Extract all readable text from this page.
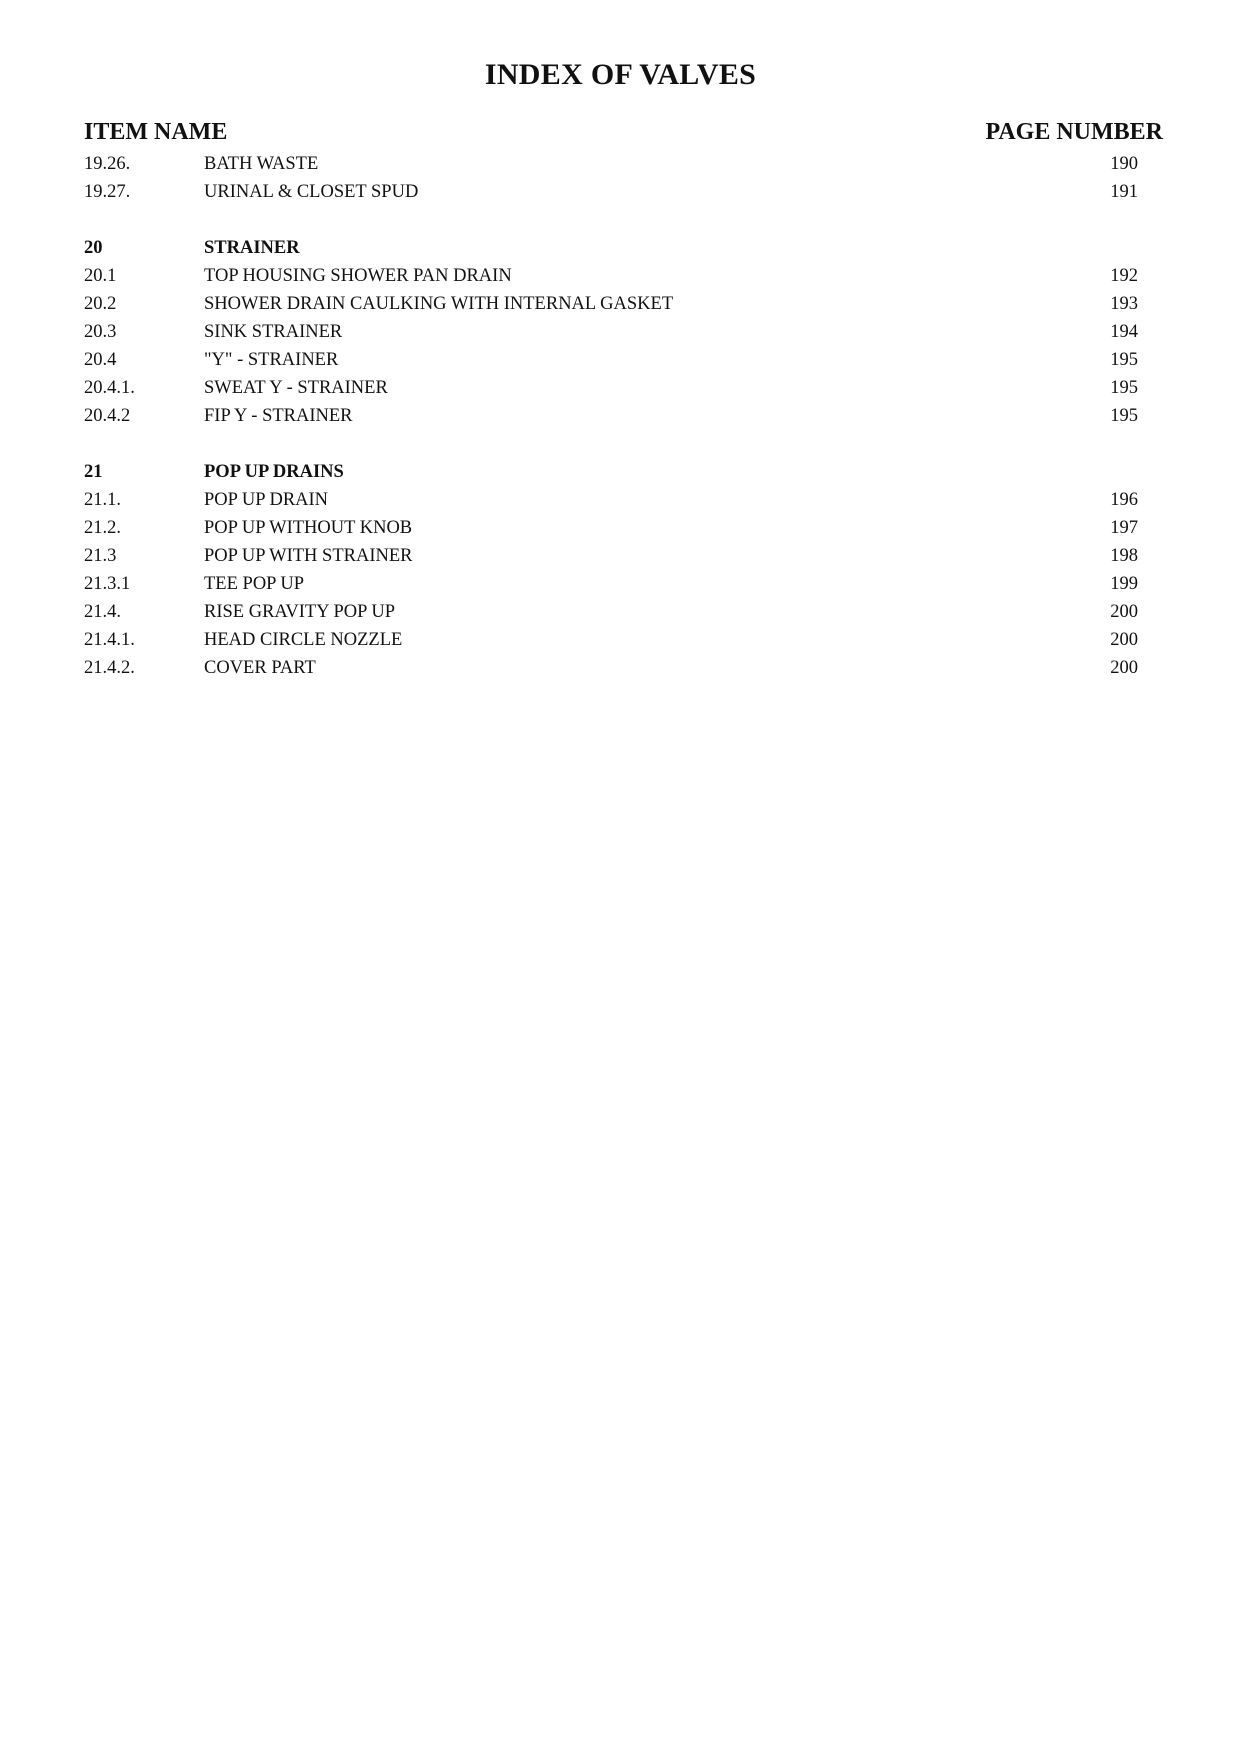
INDEX OF VALVES
ITEM NAME	PAGE NUMBER
19.26.	BATH WASTE	190
19.27.	URINAL & CLOSET SPUD	191
20	STRAINER
20.1	TOP HOUSING SHOWER PAN DRAIN	192
20.2	SHOWER DRAIN CAULKING WITH INTERNAL GASKET	193
20.3	SINK STRAINER	194
20.4	"Y" - STRAINER	195
20.4.1.	SWEAT Y - STRAINER	195
20.4.2	FIP Y - STRAINER	195
21	POP UP DRAINS
21.1.	POP UP DRAIN	196
21.2.	POP UP WITHOUT KNOB	197
21.3	POP UP WITH STRAINER	198
21.3.1	TEE POP UP	199
21.4.	RISE GRAVITY POP UP	200
21.4.1.	HEAD CIRCLE NOZZLE	200
21.4.2.	COVER PART	200
